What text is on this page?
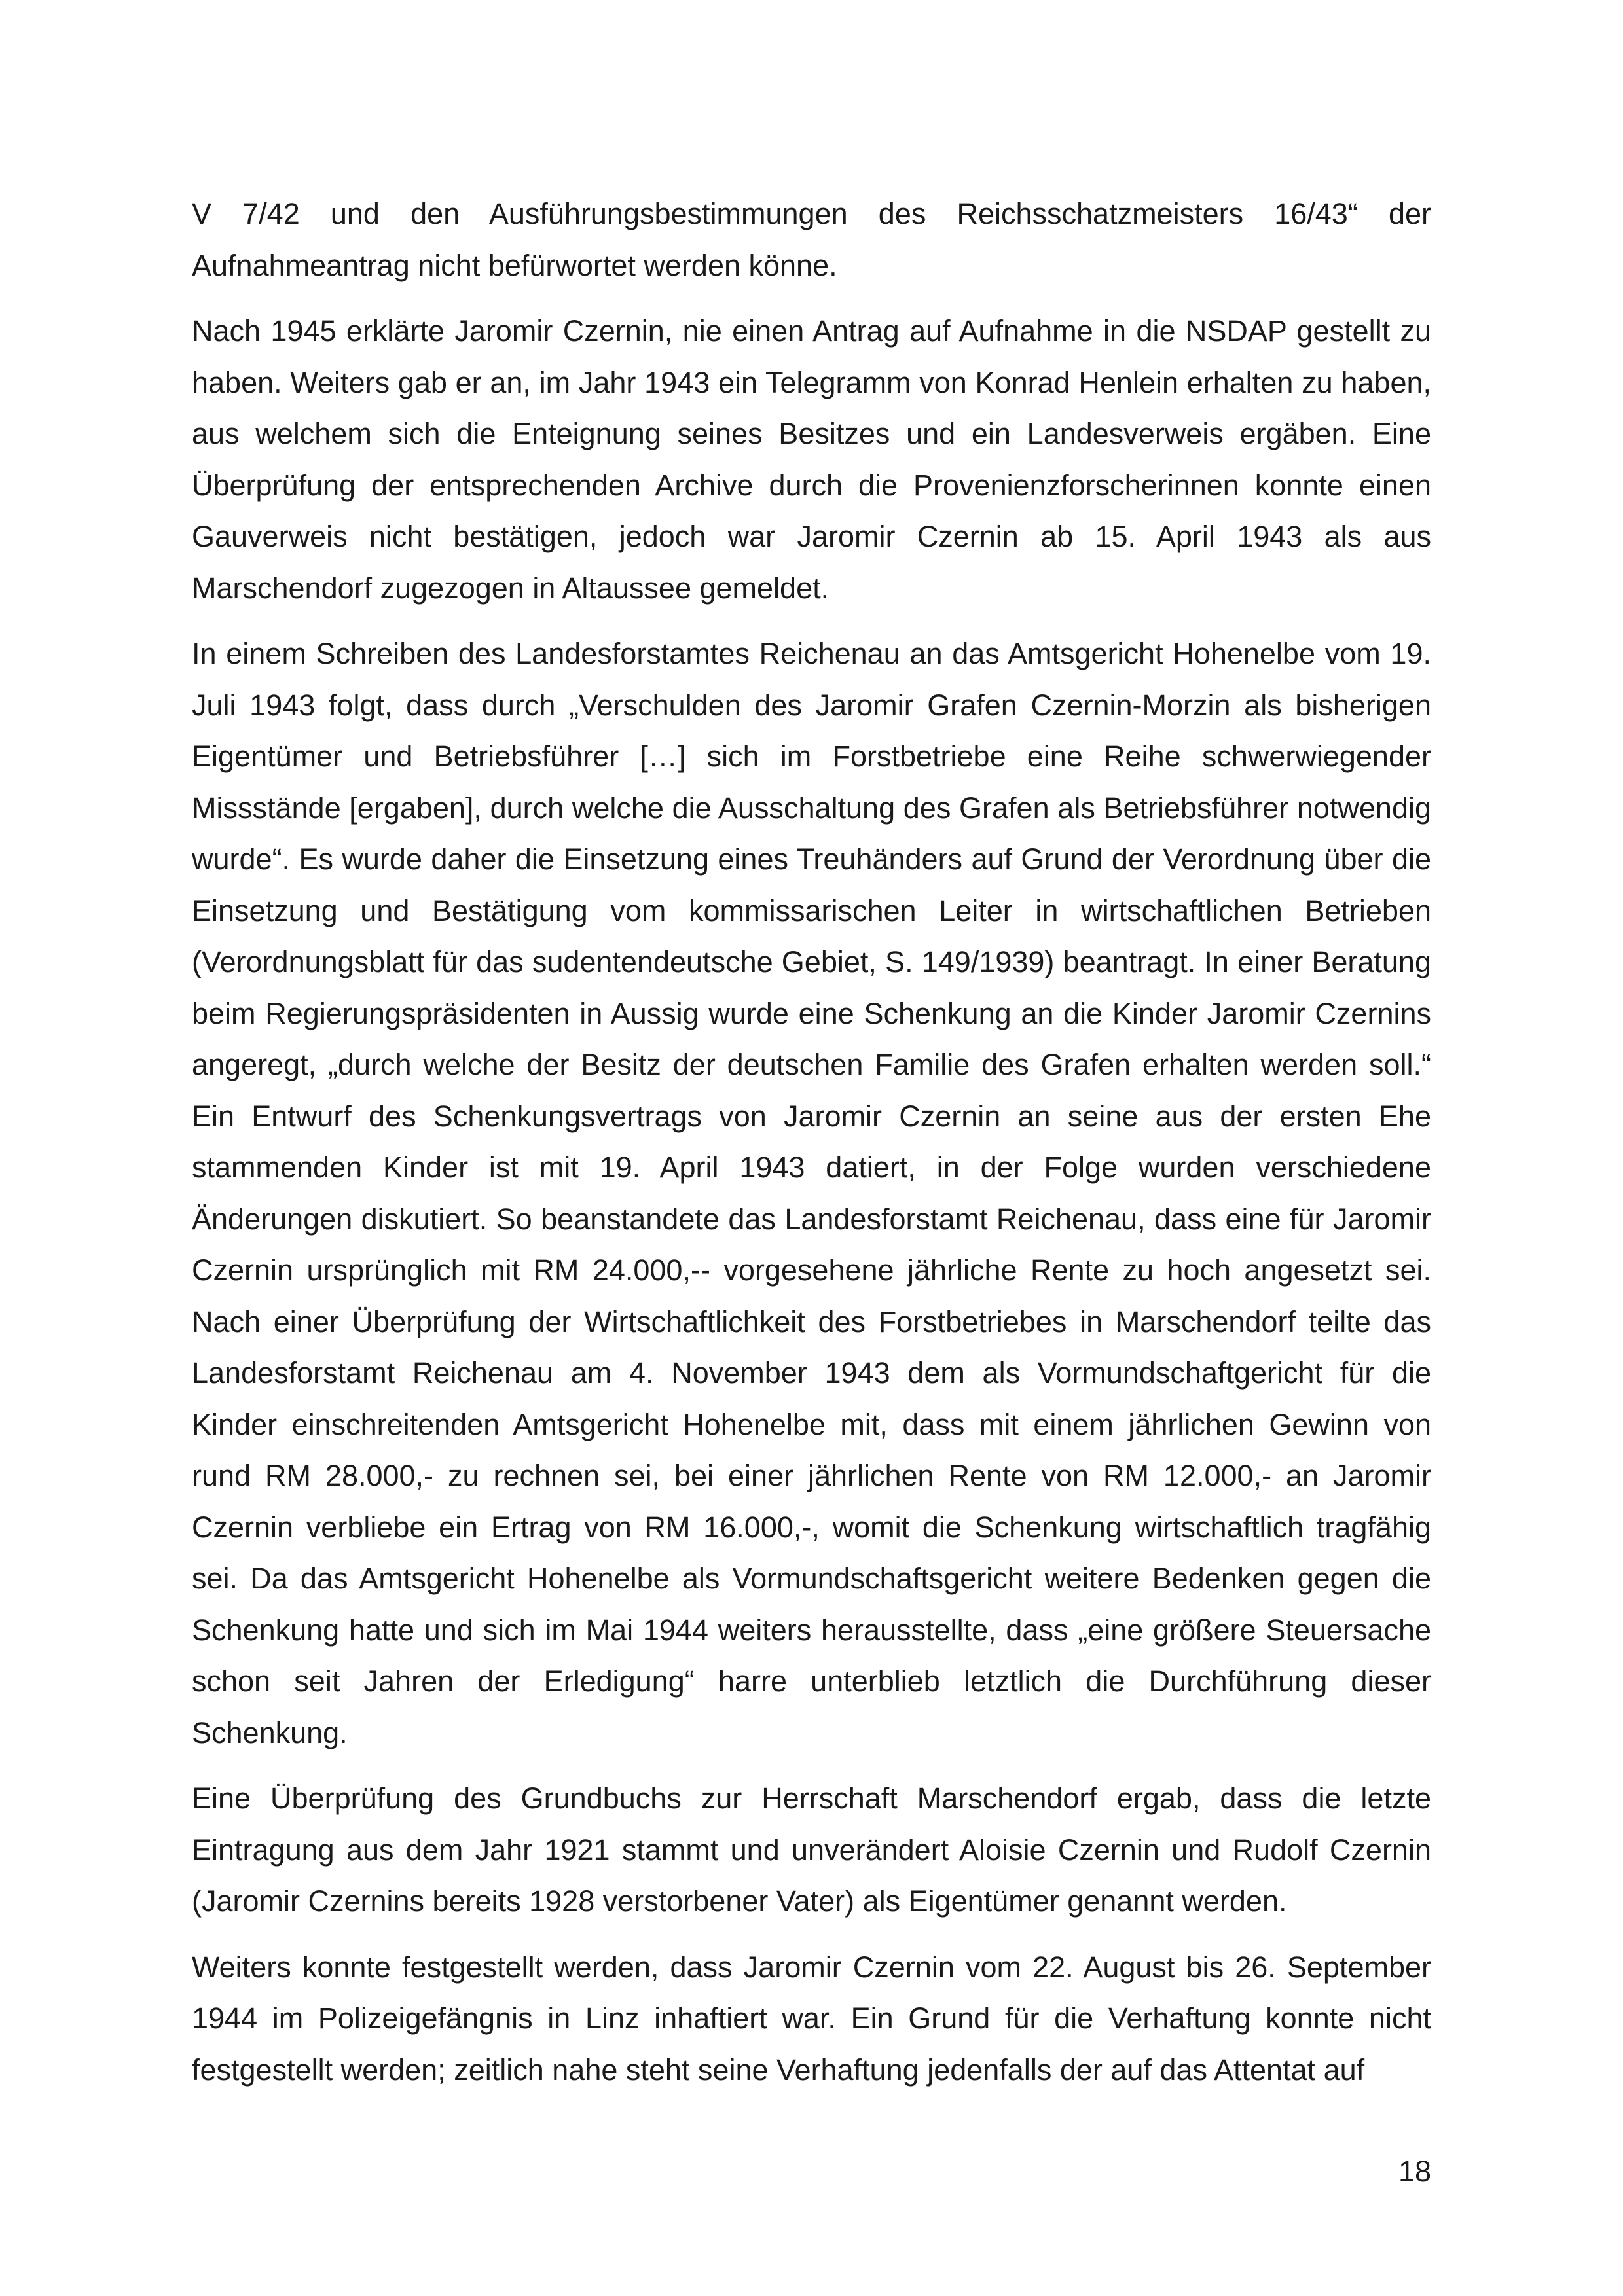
V 7/42 und den Ausführungsbestimmungen des Reichsschatzmeisters 16/43“ der Aufnahmeantrag nicht befürwortet werden könne.

Nach 1945 erklärte Jaromir Czernin, nie einen Antrag auf Aufnahme in die NSDAP gestellt zu haben. Weiters gab er an, im Jahr 1943 ein Telegramm von Konrad Henlein erhalten zu haben, aus welchem sich die Enteignung seines Besitzes und ein Landesverweis ergäben. Eine Überprüfung der entsprechenden Archive durch die Provenienzforscherinnen konnte einen Gauverweis nicht bestätigen, jedoch war Jaromir Czernin ab 15. April 1943 als aus Marschendorf zugezogen in Altaussee gemeldet.

In einem Schreiben des Landesforstamtes Reichenau an das Amtsgericht Hohenelbe vom 19. Juli 1943 folgt, dass durch „Verschulden des Jaromir Grafen Czernin-Morzin als bisherigen Eigentümer und Betriebsführer […] sich im Forstbetriebe eine Reihe schwerwiegender Missstände [ergaben], durch welche die Ausschaltung des Grafen als Betriebsführer notwendig wurde“. Es wurde daher die Einsetzung eines Treuhänders auf Grund der Verordnung über die Einsetzung und Bestätigung vom kommissarischen Leiter in wirtschaftlichen Betrieben (Verordnungsblatt für das sudentendeutsche Gebiet, S. 149/1939) beantragt. In einer Beratung beim Regierungspräsidenten in Aussig wurde eine Schenkung an die Kinder Jaromir Czernins angeregt, „durch welche der Besitz der deutschen Familie des Grafen erhalten werden soll.“ Ein Entwurf des Schenkungsvertrags von Jaromir Czernin an seine aus der ersten Ehe stammenden Kinder ist mit 19. April 1943 datiert, in der Folge wurden verschiedene Änderungen diskutiert. So beanstandete das Landesforstamt Reichenau, dass eine für Jaromir Czernin ursprünglich mit RM 24.000,-- vorgesehene jährliche Rente zu hoch angesetzt sei. Nach einer Überprüfung der Wirtschaftlichkeit des Forstbetriebes in Marschendorf teilte das Landesforstamt Reichenau am 4. November 1943 dem als Vormundschaftgericht für die Kinder einschreitenden Amtsgericht Hohenelbe mit, dass mit einem jährlichen Gewinn von rund RM 28.000,- zu rechnen sei, bei einer jährlichen Rente von RM 12.000,- an Jaromir Czernin verbliebe ein Ertrag von RM 16.000,-, womit die Schenkung wirtschaftlich tragfähig sei. Da das Amtsgericht Hohenelbe als Vormundschaftsgericht weitere Bedenken gegen die Schenkung hatte und sich im Mai 1944 weiters herausstellte, dass „eine größere Steuersache schon seit Jahren der Erledigung“ harre unterblieb letztlich die Durchführung dieser Schenkung.

Eine Überprüfung des Grundbuchs zur Herrschaft Marschendorf ergab, dass die letzte Eintragung aus dem Jahr 1921 stammt und unverändert Aloisie Czernin und Rudolf Czernin (Jaromir Czernins bereits 1928 verstorbener Vater) als Eigentümer genannt werden.

Weiters konnte festgestellt werden, dass Jaromir Czernin vom 22. August bis 26. September 1944 im Polizeigefängnis in Linz inhaftiert war. Ein Grund für die Verhaftung konnte nicht festgestellt werden; zeitlich nahe steht seine Verhaftung jedenfalls der auf das Attentat auf

18
